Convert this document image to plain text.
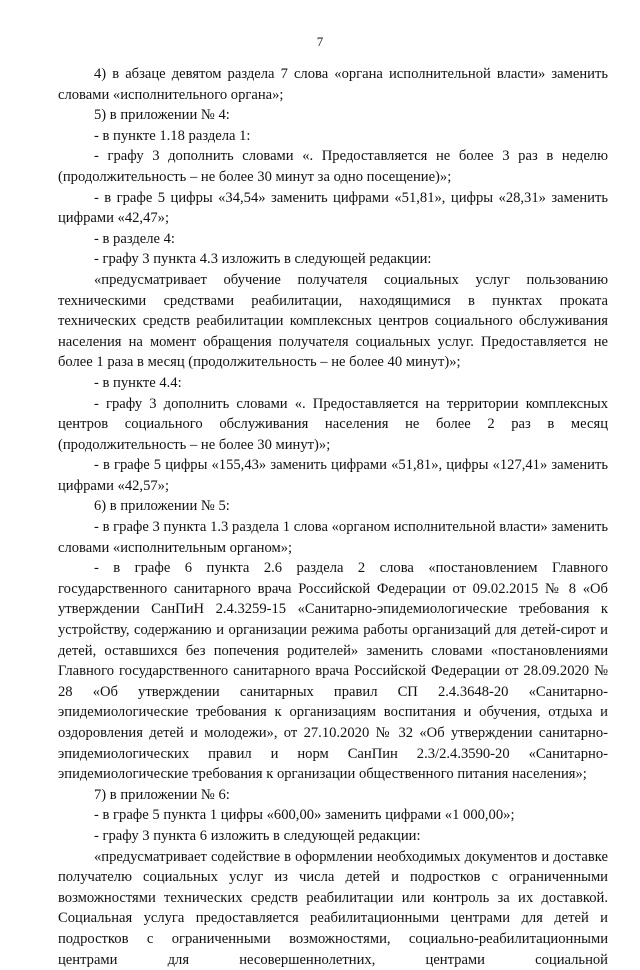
7

4) в абзаце девятом раздела 7 слова «органа исполнительной власти» заменить словами «исполнительного органа»;

5) в приложении № 4:

- в пункте 1.18 раздела 1:

- графу 3 дополнить словами «. Предоставляется не более 3 раз в неделю (продолжительность – не более 30 минут за одно посещение)»;

- в графе 5 цифры «34,54» заменить цифрами «51,81», цифры «28,31» заменить цифрами «42,47»;

- в разделе 4:

- графу 3 пункта 4.3 изложить в следующей редакции:

«предусматривает обучение получателя социальных услуг пользованию техническими средствами реабилитации, находящимися в пунктах проката технических средств реабилитации комплексных центров социального обслуживания населения на момент обращения получателя социальных услуг. Предоставляется не более 1 раза в месяц (продолжительность – не более 40 минут)»;

- в пункте 4.4:

- графу 3 дополнить словами «. Предоставляется на территории комплексных центров социального обслуживания населения не более 2 раз в месяц (продолжительность – не более 30 минут)»;

- в графе 5 цифры «155,43» заменить цифрами «51,81», цифры «127,41» заменить цифрами «42,57»;

6) в приложении № 5:

- в графе 3 пункта 1.3 раздела 1 слова «органом исполнительной власти» заменить словами «исполнительным органом»;

- в графе 6 пункта 2.6 раздела 2 слова «постановлением Главного государственного санитарного врача Российской Федерации от 09.02.2015 № 8 «Об утверждении СанПиН 2.4.3259-15 «Санитарно-эпидемиологические требования к устройству, содержанию и организации режима работы организаций для детей-сирот и детей, оставшихся без попечения родителей» заменить словами «постановлениями Главного государственного санитарного врача Российской Федерации от 28.09.2020 № 28 «Об утверждении санитарных правил СП 2.4.3648-20 «Санитарно-эпидемиологические требования к организациям воспитания и обучения, отдыха и оздоровления детей и молодежи», от 27.10.2020 № 32 «Об утверждении санитарно-эпидемиологических правил и норм СанПин 2.3/2.4.3590-20 «Санитарно-эпидемиологические требования к организации общественного питания населения»;

7) в приложении № 6:

- в графе 5 пункта 1 цифры «600,00» заменить цифрами «1 000,00»;

- графу 3 пункта 6 изложить в следующей редакции:

«предусматривает содействие в оформлении необходимых документов и доставке получателю социальных услуг из числа детей и подростков с ограниченными возможностями технических средств реабилитации или контроль за их доставкой. Социальная услуга предоставляется реабилитационными центрами для детей и подростков с ограниченными возможностями, социально-реабилитационными центрами для несовершеннолетних, центрами социальной
